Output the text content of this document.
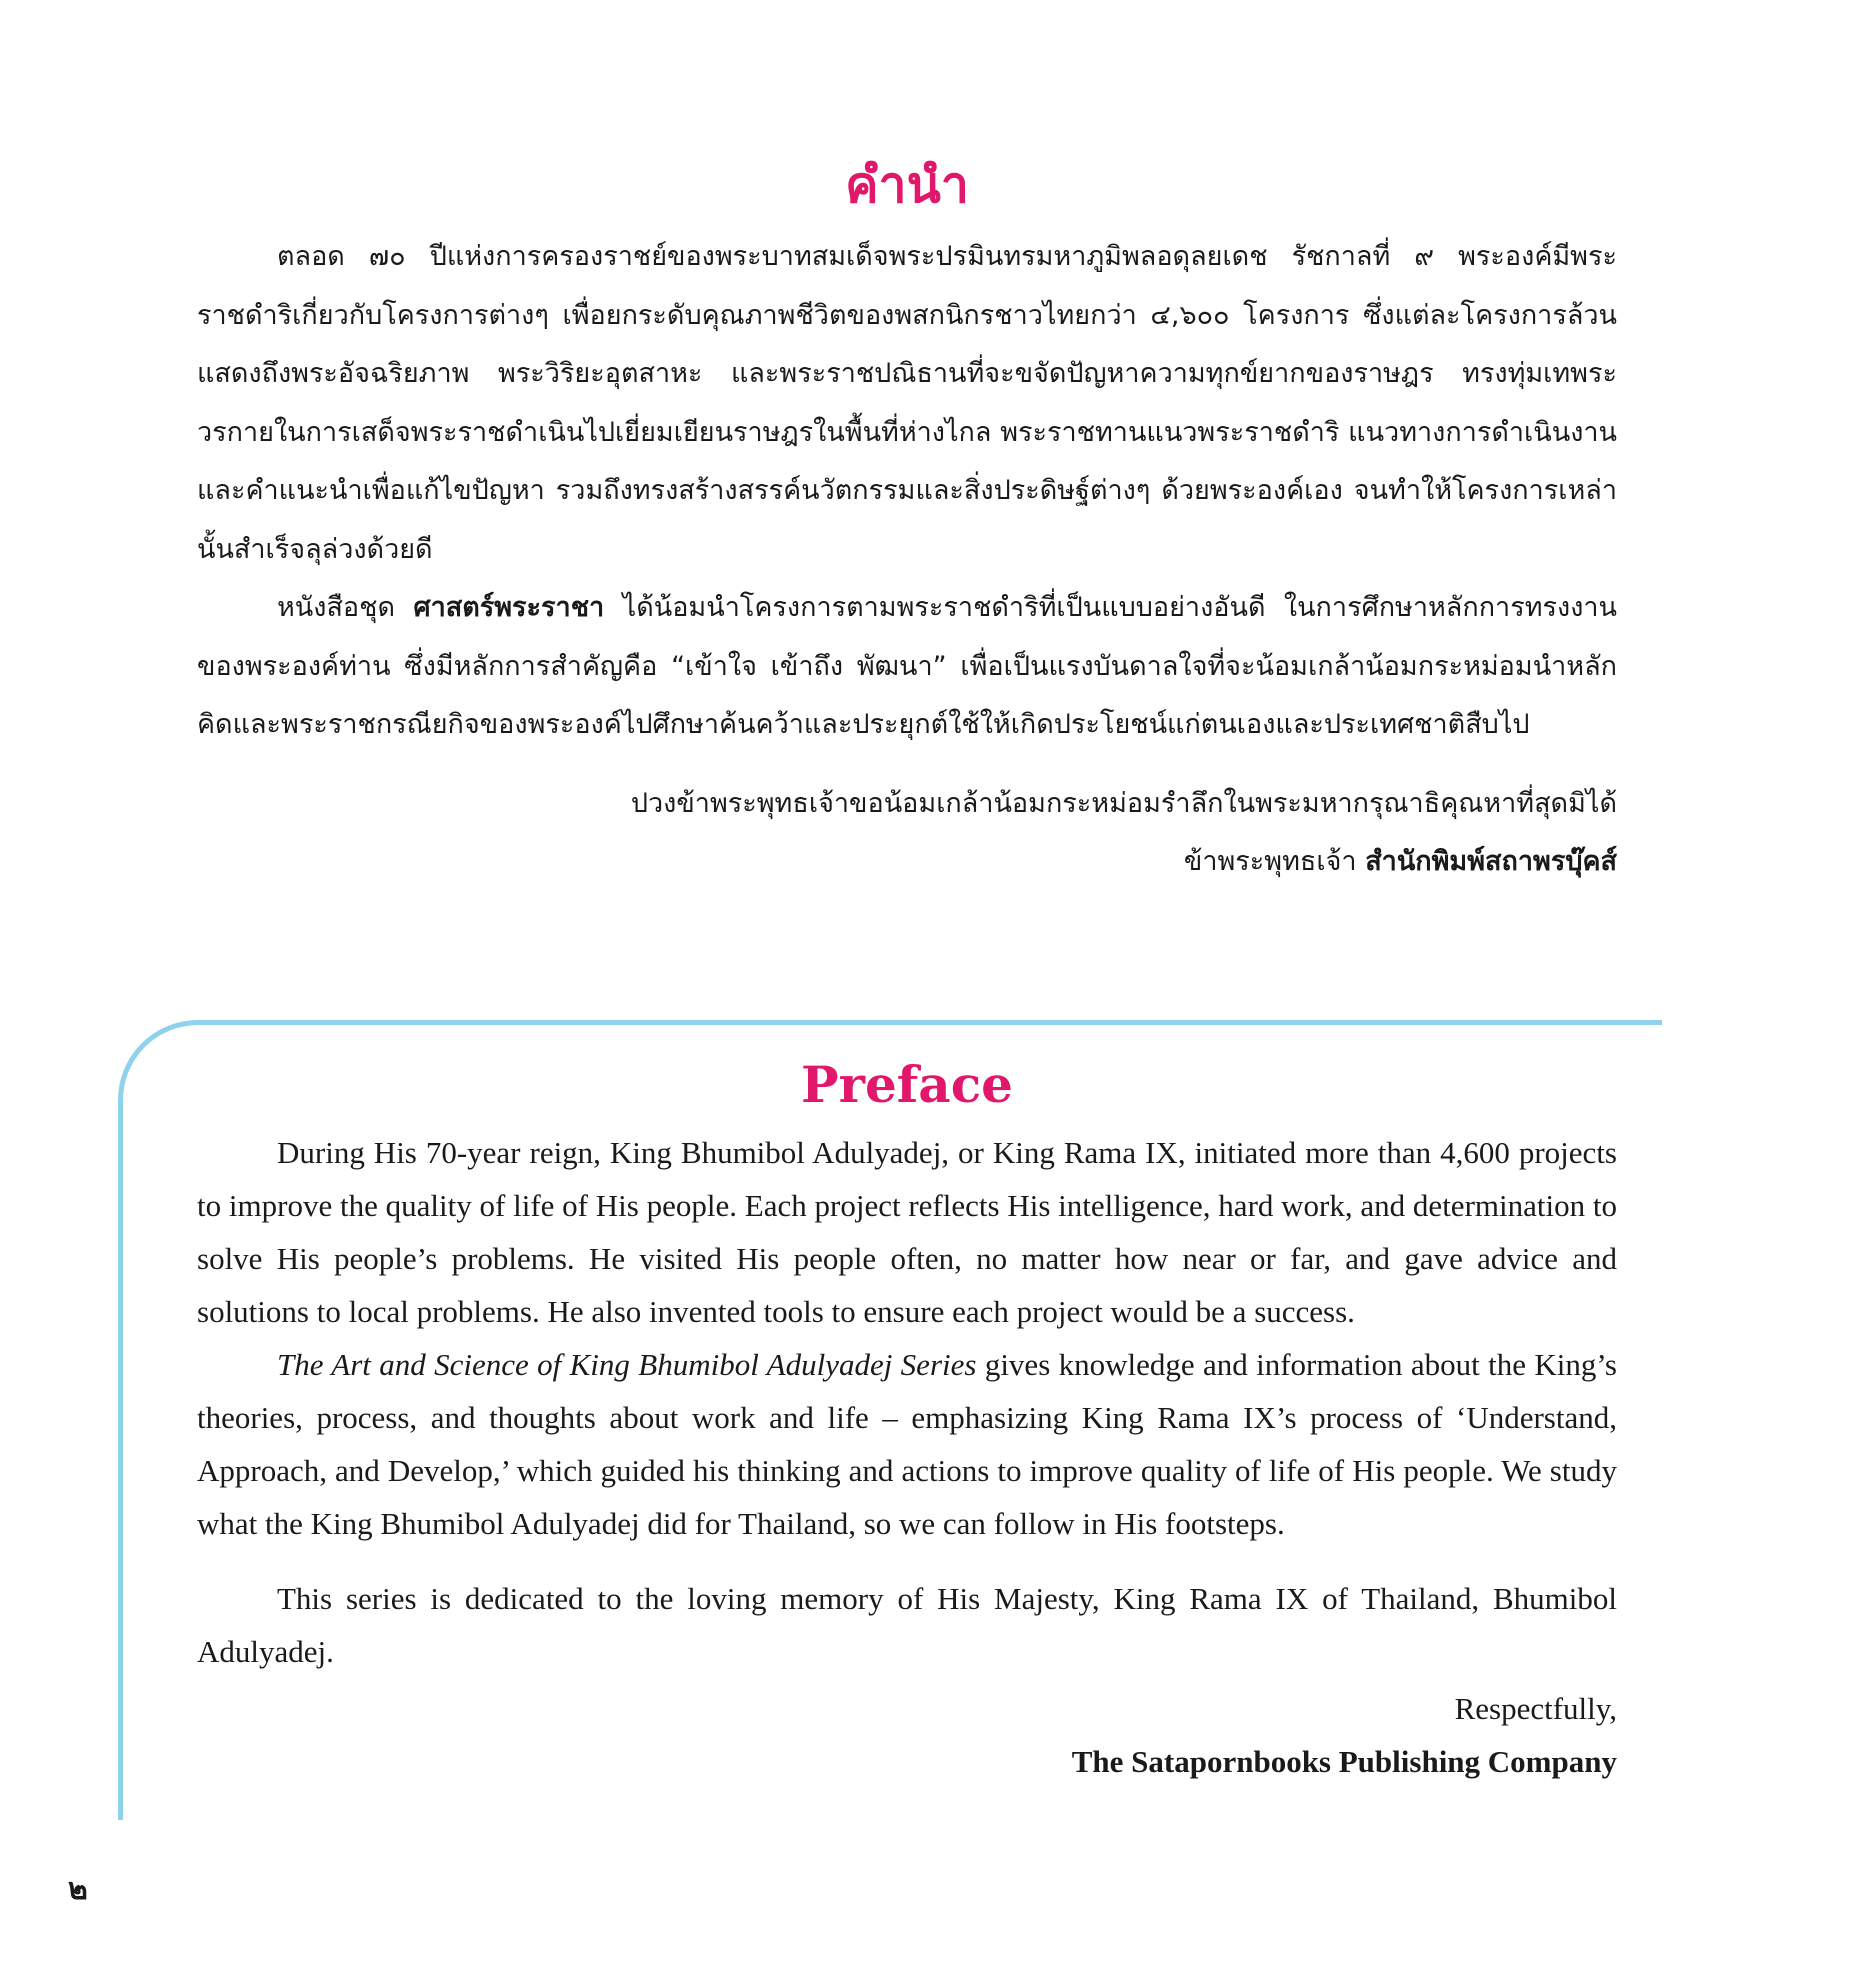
คำนำ

ตลอด ๗๐ ปีแห่งการครองราชย์ของพระบาทสมเด็จพระปรมินทรมหาภูมิพลอดุลยเดช รัชกาลที่ ๙ พระองค์มีพระราชดำริเกี่ยวกับโครงการต่างๆ เพื่อยกระดับคุณภาพชีวิตของพสกนิกรชาวไทยกว่า ๔,๖๐๐ โครงการ ซึ่งแต่ละโครงการล้วนแสดงถึงพระอัจฉริยภาพ พระวิริยะอุตสาหะ และพระราชปณิธานที่จะขจัดปัญหาความทุกข์ยากของราษฎร ทรงทุ่มเทพระวรกายในการเสด็จพระราชดำเนินไปเยี่ยมเยียนราษฎรในพื้นที่ห่างไกล พระราชทานแนวพระราชดำริ แนวทางการดำเนินงาน และคำแนะนำเพื่อแก้ไขปัญหา รวมถึงทรงสร้างสรรค์นวัตกรรมและสิ่งประดิษฐ์ต่างๆ ด้วยพระองค์เอง จนทำให้โครงการเหล่านั้นสำเร็จลุล่วงด้วยดี

หนังสือชุด ศาสตร์พระราชา ได้น้อมนำโครงการตามพระราชดำริที่เป็นแบบอย่างอันดี ในการศึกษาหลักการทรงงานของพระองค์ท่าน ซึ่งมีหลักการสำคัญคือ “เข้าใจ เข้าถึง พัฒนา” เพื่อเป็นแรงบันดาลใจที่จะน้อมเกล้าน้อมกระหม่อมนำหลักคิดและพระราชกรณียกิจของพระองค์ไปศึกษาค้นคว้าและประยุกต์ใช้ให้เกิดประโยชน์แก่ตนเองและประเทศชาติสืบไป

ปวงข้าพระพุทธเจ้าขอน้อมเกล้าน้อมกระหม่อมรำลึกในพระมหากรุณาธิคุณหาที่สุดมิได้

ข้าพระพุทธเจ้า สำนักพิมพ์สถาพรบุ๊คส์

Preface

During His 70-year reign, King Bhumibol Adulyadej, or King Rama IX, initiated more than 4,600 projects to improve the quality of life of His people. Each project reflects His intelligence, hard work, and determination to solve His people’s problems. He visited His people often, no matter how near or far, and gave advice and solutions to local problems. He also invented tools to ensure each project would be a success.

The Art and Science of King Bhumibol Adulyadej Series gives knowledge and information about the King’s theories, process, and thoughts about work and life – emphasizing King Rama IX’s process of ‘Understand, Approach, and Develop,’ which guided his thinking and actions to improve quality of life of His people. We study what the King Bhumibol Adulyadej did for Thailand, so we can follow in His footsteps.

This series is dedicated to the loving memory of His Majesty, King Rama IX of Thailand, Bhumibol Adulyadej.

Respectfully,

The Satapornbooks Publishing Company

๒
